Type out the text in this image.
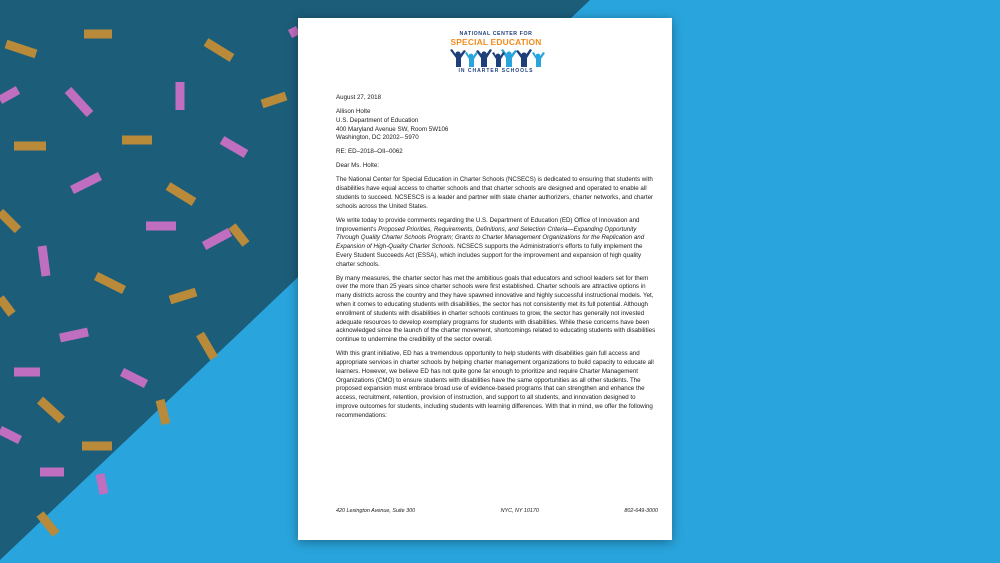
NATIONAL CENTER FOR
SPECIAL EDUCATION
IN CHARTER SCHOOLS

August 27, 2018

Allison Holte
U.S. Department of Education
400 Maryland Avenue SW, Room 5W106
Washington, DC 20202– 5970

RE: ED–2018–OII–0062

Dear Ms. Holte:

The National Center for Special Education in Charter Schools (NCSECS) is dedicated to ensuring that students with disabilities have equal access to charter schools and that charter schools are designed and operated to enable all students to succeed. NCSESCS is a leader and partner with state charter authorizers, charter networks, and charter schools across the United States.

We write today to provide comments regarding the U.S. Department of Education (ED) Office of Innovation and Improvement's Proposed Priorities, Requirements, Definitions, and Selection Criteria—Expanding Opportunity Through Quality Charter Schools Program; Grants to Charter Management Organizations for the Replication and Expansion of High-Quality Charter Schools. NCSECS supports the Administration's efforts to fully implement the Every Student Succeeds Act (ESSA), which includes support for the improvement and expansion of high quality charter schools.

By many measures, the charter sector has met the ambitious goals that educators and school leaders set for them over the more than 25 years since charter schools were first established. Charter schools are attractive options in many districts across the country and they have spawned innovative and highly successful instructional models. Yet, when it comes to educating students with disabilities, the sector has not consistently met its full potential. Although enrollment of students with disabilities in charter schools continues to grow, the sector has generally not invested adequate resources to develop exemplary programs for students with disabilities. While these concerns have been acknowledged since the launch of the charter movement, shortcomings related to educating students with disabilities continue to undermine the credibility of the sector overall.

With this grant initiative, ED has a tremendous opportunity to help students with disabilities gain full access and appropriate services in charter schools by helping charter management organizations to build capacity to educate all learners. However, we believe ED has not quite gone far enough to prioritize and require Charter Management Organizations (CMO) to ensure students with disabilities have the same opportunities as all other students. The proposed expansion must embrace broad use of evidence-based programs that can strengthen and enhance the access, recruitment, retention, provision of instruction, and support to all students, and innovation designed to improve outcomes for students, including students with learning differences. With that in mind, we offer the following recommendations:

420 Lexington Avenue, Suite 300	NYC, NY 10170	802-649-3000
